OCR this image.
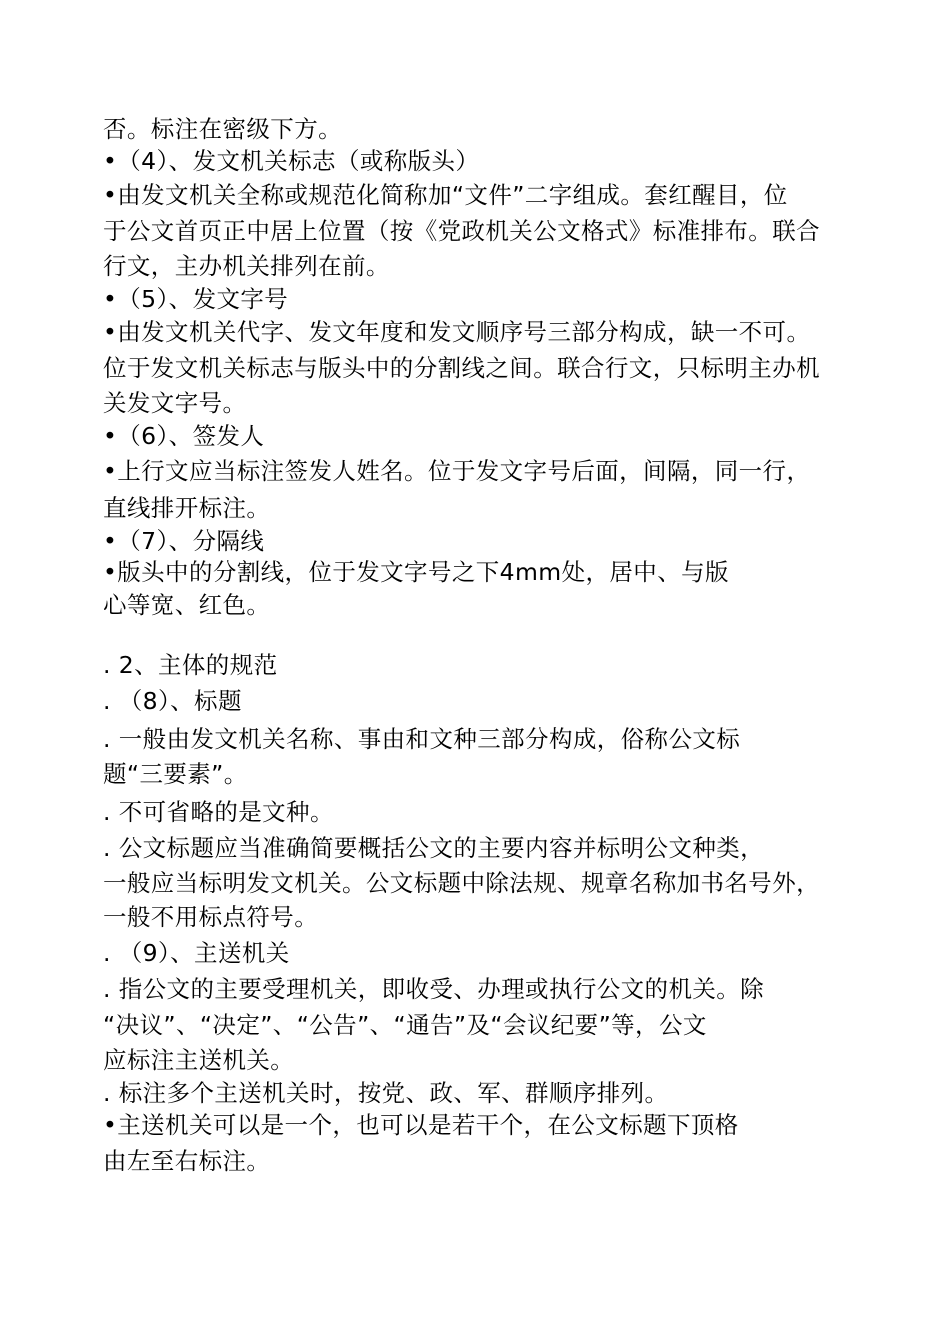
否。标注在密级下方。
•（4）、发文机关标志（或称版头）
•由发文机关全称或规范化简称加“文件”二字组成。套红醒目，位
于公文首页正中居上位置（按《党政机关公文格式》标准排布。联合
行文，主办机关排列在前。
•（5）、发文字号
•由发文机关代字、发文年度和发文顺序号三部分构成，缺一不可。
位于发文机关标志与版头中的分割线之间。联合行文，只标明主办机
关发文字号。
•（6）、签发人
•上行文应当标注签发人姓名。位于发文字号后面，间隔，同一行，
直线排开标注。
•（7）、分隔线
•版头中的分割线，位于发文字号之下4mm处，居中、与版
心等宽、红色。
. 2、主体的规范
. （8）、标题
. 一般由发文机关名称、事由和文种三部分构成，俗称公文标
题“三要素”。
. 不可省略的是文种。
. 公文标题应当准确简要概括公文的主要内容并标明公文种类，
一般应当标明发文机关。公文标题中除法规、规章名称加书名号外，
一般不用标点符号。
. （9）、主送机关
. 指公文的主要受理机关，即收受、办理或执行公文的机关。除
“决议”、“决定”、“公告”、“通告”及“会议纪要”等，公文
应标注主送机关。
. 标注多个主送机关时，按党、政、军、群顺序排列。
•主送机关可以是一个，也可以是若干个，在公文标题下顶格
由左至右标注。
